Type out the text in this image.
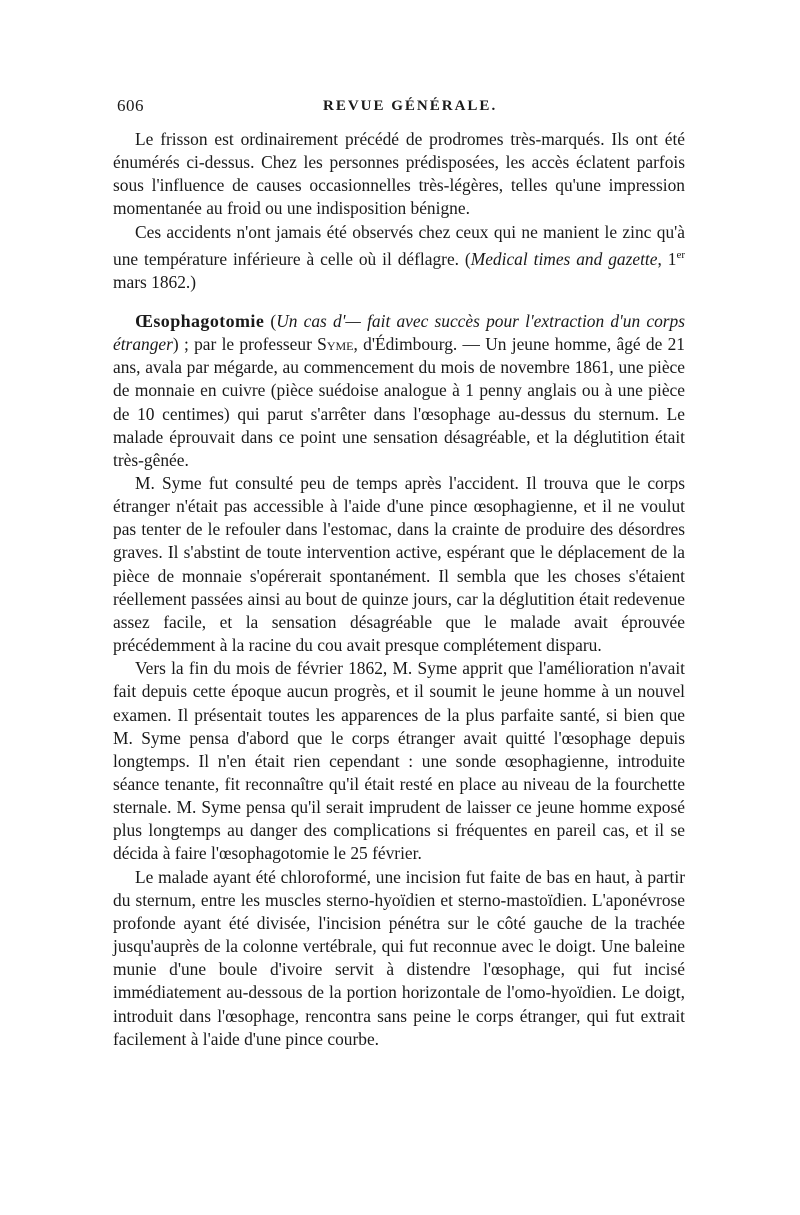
606	REVUE GÉNÉRALE.

Le frisson est ordinairement précédé de prodromes très-marqués. Ils ont été énumérés ci-dessus. Chez les personnes prédisposées, les accès éclatent parfois sous l'influence de causes occasionnelles très-légères, telles qu'une impression momentanée au froid ou une indisposition bénigne.

Ces accidents n'ont jamais été observés chez ceux qui ne manient le zinc qu'à une température inférieure à celle où il déflagre. (Medical times and gazette, 1er mars 1862.)

Œsophagotomie (Un cas d'— fait avec succès pour l'extraction d'un corps étranger) ; par le professeur Syme, d'Édimbourg. — Un jeune homme, âgé de 21 ans, avala par mégarde, au commencement du mois de novembre 1861, une pièce de monnaie en cuivre (pièce suédoise analogue à 1 penny anglais ou à une pièce de 10 centimes) qui parut s'arrêter dans l'œsophage au-dessus du sternum. Le malade éprouvait dans ce point une sensation désagréable, et la déglutition était très-gênée.

M. Syme fut consulté peu de temps après l'accident. Il trouva que le corps étranger n'était pas accessible à l'aide d'une pince œsophagienne, et il ne voulut pas tenter de le refouler dans l'estomac, dans la crainte de produire des désordres graves. Il s'abstint de toute intervention active, espérant que le déplacement de la pièce de monnaie s'opérerait spontanément. Il sembla que les choses s'étaient réellement passées ainsi au bout de quinze jours, car la déglutition était redevenue assez facile, et la sensation désagréable que le malade avait éprouvée précédemment à la racine du cou avait presque complétement disparu.

Vers la fin du mois de février 1862, M. Syme apprit que l'amélioration n'avait fait depuis cette époque aucun progrès, et il soumit le jeune homme à un nouvel examen. Il présentait toutes les apparences de la plus parfaite santé, si bien que M. Syme pensa d'abord que le corps étranger avait quitté l'œsophage depuis longtemps. Il n'en était rien cependant : une sonde œsophagienne, introduite séance tenante, fit reconnaître qu'il était resté en place au niveau de la fourchette sternale. M. Syme pensa qu'il serait imprudent de laisser ce jeune homme exposé plus longtemps au danger des complications si fréquentes en pareil cas, et il se décida à faire l'œsophagotomie le 25 février.

Le malade ayant été chloroformé, une incision fut faite de bas en haut, à partir du sternum, entre les muscles sterno-hyoïdien et sterno-mastoïdien. L'aponévrose profonde ayant été divisée, l'incision pénétra sur le côté gauche de la trachée jusqu'auprès de la colonne vertébrale, qui fut reconnue avec le doigt. Une baleine munie d'une boule d'ivoire servit à distendre l'œsophage, qui fut incisé immédiatement au-dessous de la portion horizontale de l'omo-hyoïdien. Le doigt, introduit dans l'œsophage, rencontra sans peine le corps étranger, qui fut extrait facilement à l'aide d'une pince courbe.
